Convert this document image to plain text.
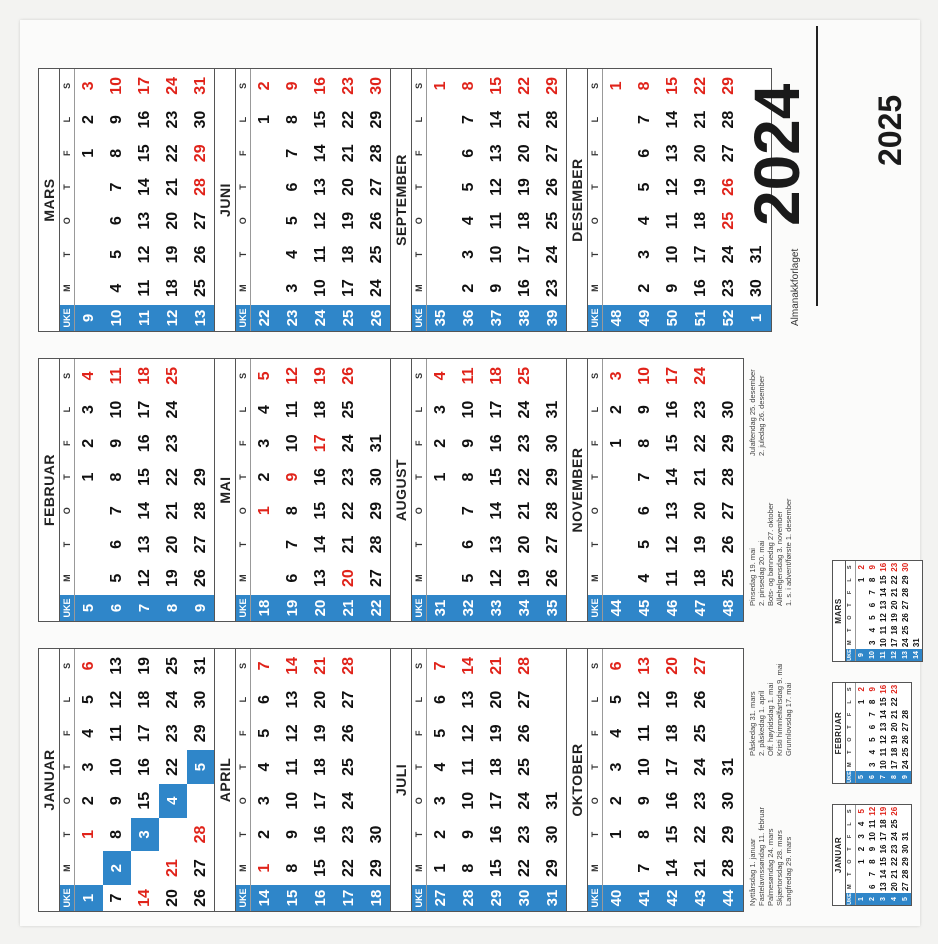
JANUAR
UKE
M
T
O
T
F
L
S
1
1
2
3
4
5
6
7
2
8
9
10
11
12
13
14
3
15
16
17
18
19
20
21
4
22
23
24
25
26
27
28
5
29
30
31
FEBRUAR
UKE
M
T
O
T
F
L
S
5
1
2
3
4
6
5
6
7
8
9
10
11
7
12
13
14
15
16
17
18
8
19
20
21
22
23
24
25
9
26
27
28
29
MARS
UKE
M
T
O
T
F
L
S
9
1
2
3
10
4
5
6
7
8
9
10
11
11
12
13
14
15
16
17
12
18
19
20
21
22
23
24
13
25
26
27
28
29
30
31
APRIL
UKE
M
T
O
T
F
L
S
14
1
2
3
4
5
6
7
15
8
9
10
11
12
13
14
16
15
16
17
18
19
20
21
17
22
23
24
25
26
27
28
18
29
30
MAI
UKE
M
T
O
T
F
L
S
18
1
2
3
4
5
19
6
7
8
9
10
11
12
20
13
14
15
16
17
18
19
21
20
21
22
23
24
25
26
22
27
28
29
30
31
JUNI
UKE
M
T
O
T
F
L
S
22
1
2
23
3
4
5
6
7
8
9
24
10
11
12
13
14
15
16
25
17
18
19
20
21
22
23
26
24
25
26
27
28
29
30
JULI
UKE
M
T
O
T
F
L
S
27
1
2
3
4
5
6
7
28
8
9
10
11
12
13
14
29
15
16
17
18
19
20
21
30
22
23
24
25
26
27
28
31
29
30
31
AUGUST
UKE
M
T
O
T
F
L
S
31
1
2
3
4
32
5
6
7
8
9
10
11
33
12
13
14
15
16
17
18
34
19
20
21
22
23
24
25
35
26
27
28
29
30
31
SEPTEMBER
UKE
M
T
O
T
F
L
S
35
1
36
2
3
4
5
6
7
8
37
9
10
11
12
13
14
15
38
16
17
18
19
20
21
22
39
23
24
25
26
27
28
29
OKTOBER
UKE
M
T
O
T
F
L
S
40
1
2
3
4
5
6
41
7
8
9
10
11
12
13
42
14
15
16
17
18
19
20
43
21
22
23
24
25
26
27
44
28
29
30
31
NOVEMBER
UKE
M
T
O
T
F
L
S
44
1
2
3
45
4
5
6
7
8
9
10
46
11
12
13
14
15
16
17
47
18
19
20
21
22
23
24
48
25
26
27
28
29
30
DESEMBER
UKE
M
T
O
T
F
L
S
48
1
49
2
3
4
5
6
7
8
50
9
10
11
12
13
14
15
51
16
17
18
19
20
21
22
52
23
24
25
26
27
28
29
1
30
31
Nyttårsdag 1. januar Fastelavnssøndag 11. februar Palmesøndag 24. mars Skjærtorsdag 28. mars Langfredag 29. mars
Påskedag 31. mars 2. påskedag 1. april Off. høytidsdag 1. mai Kristi himmelfartsdag 9. mai Grunnlovsdag 17. mai
Pinsedag 19. mai 2. pinsedag 20. mai Bots- og bønnedag 27. oktober Allehelgensdag 3. november 1. s. i advent/første 1. desember
Julaftendag 25. desember 2. juledag 26. desember
2024
Almanakkforlaget
2025
JANUAR
UKE
M
T
O
T
F
L
S
1
1
2
3
4
5
2
6
7
8
9
10
11
12
3
13
14
15
16
17
18
19
4
20
21
22
23
24
25
26
5
27
28
29
30
31
FEBRUAR
UKE
M
T
O
T
F
L
S
5
1
2
6
3
4
5
6
7
8
9
7
10
11
12
13
14
15
16
8
17
18
19
20
21
22
23
9
24
25
26
27
28
MARS
UKE
M
T
O
T
F
L
S
9
1
2
10
3
4
5
6
7
8
9
11
10
11
12
13
14
15
16
12
17
18
19
20
21
22
23
13
24
25
26
27
28
29
30
14
31
